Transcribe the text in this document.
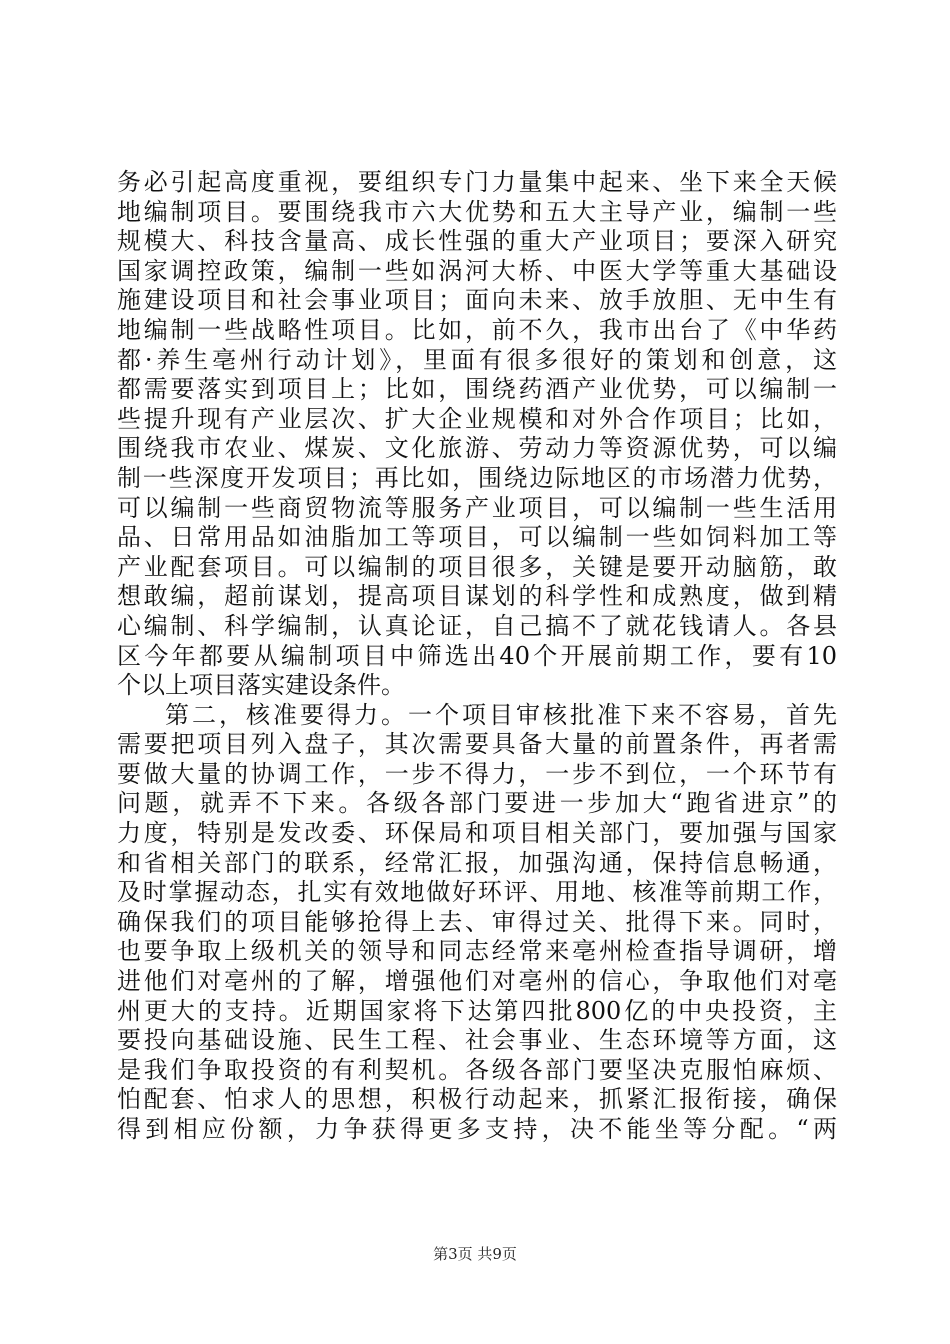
务必引起高度重视，要组织专门力量集中起来、坐下来全天候
地编制项目。要围绕我市六大优势和五大主导产业，编制一些
规模大、科技含量高、成长性强的重大产业项目；要深入研究
国家调控政策，编制一些如涡河大桥、中医大学等重大基础设
施建设项目和社会事业项目；面向未来、放手放胆、无中生有
地编制一些战略性项目。比如，前不久，我市出台了《中华药
都·养生亳州行动计划》，里面有很多很好的策划和创意，这
都需要落实到项目上；比如，围绕药酒产业优势，可以编制一
些提升现有产业层次、扩大企业规模和对外合作项目；比如，
围绕我市农业、煤炭、文化旅游、劳动力等资源优势，可以编
制一些深度开发项目；再比如，围绕边际地区的市场潜力优势，
可以编制一些商贸物流等服务产业项目，可以编制一些生活用
品、日常用品如油脂加工等项目，可以编制一些如饲料加工等
产业配套项目。可以编制的项目很多，关键是要开动脑筋，敢
想敢编，超前谋划，提高项目谋划的科学性和成熟度，做到精
心编制、科学编制，认真论证，自己搞不了就花钱请人。各县
区今年都要从编制项目中筛选出40个开展前期工作，要有10
个以上项目落实建设条件。
第二，核准要得力。一个项目审核批准下来不容易，首先
需要把项目列入盘子，其次需要具备大量的前置条件，再者需
要做大量的协调工作，一步不得力，一步不到位，一个环节有
问题，就弄不下来。各级各部门要进一步加大“跑省进京”的
力度，特别是发改委、环保局和项目相关部门，要加强与国家
和省相关部门的联系，经常汇报，加强沟通，保持信息畅通，
及时掌握动态，扎实有效地做好环评、用地、核准等前期工作，
确保我们的项目能够抢得上去、审得过关、批得下来。同时，
也要争取上级机关的领导和同志经常来亳州检查指导调研，增
进他们对亳州的了解，增强他们对亳州的信心，争取他们对亳
州更大的支持。近期国家将下达第四批800亿的中央投资，主
要投向基础设施、民生工程、社会事业、生态环境等方面，这
是我们争取投资的有利契机。各级各部门要坚决克服怕麻烦、
怕配套、怕求人的思想，积极行动起来，抓紧汇报衔接，确保
得到相应份额，力争获得更多支持，决不能坐等分配。“两
第3页 共9页
